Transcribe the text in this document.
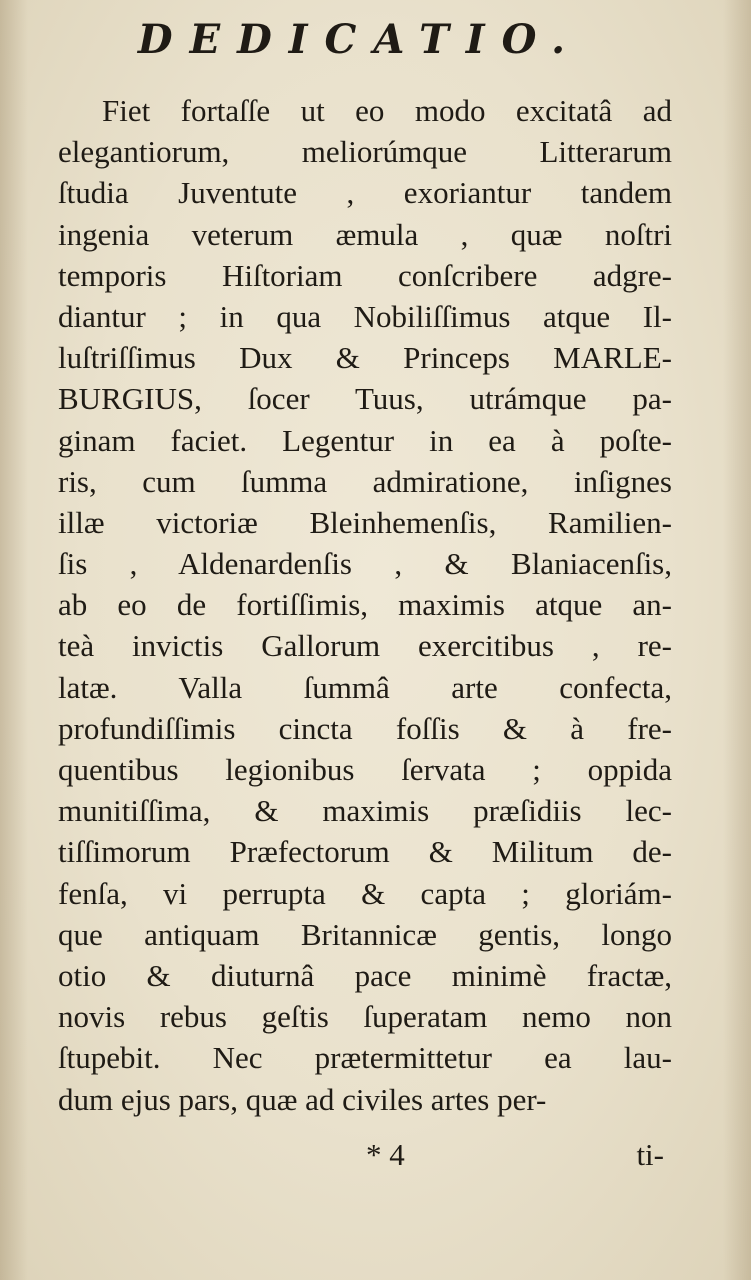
DEDICATIO.
Fiet fortaſſe ut eo modo excitatâ ad
elegantiorum, meliorúmque Litterarum
ſtudia Juventute , exoriantur tandem
ingenia veterum æmula , quæ noſtri
temporis Hiſtoriam conſcribere adgre-
diantur ; in qua Nobiliſſimus atque Il-
luſtriſſimus Dux & Princeps MARLE-
BURGIUS, ſocer Tuus, utrámque pa-
ginam faciet. Legentur in ea à poſte-
ris, cum ſumma admiratione, inſignes
illæ victoriæ Bleinhemenſis, Ramilien-
ſis , Aldenardenſis , & Blaniacenſis,
ab eo de fortiſſimis, maximis atque an-
teà invictis Gallorum exercitibus , re-
latæ. Valla ſummâ arte confecta,
profundiſſimis cincta foſſis & à fre-
quentibus legionibus ſervata ; oppida
munitiſſima, & maximis præſidiis lec-
tiſſimorum Præfectorum & Militum de-
fenſa, vi perrupta & capta ; gloriám-
que antiquam Britannicæ gentis, longo
otio & diuturnâ pace minimè fractæ,
novis rebus geſtis ſuperatam nemo non
ſtupebit. Nec prætermittetur ea lau-
dum ejus pars, quæ ad civiles artes per-
* 4	ti-
